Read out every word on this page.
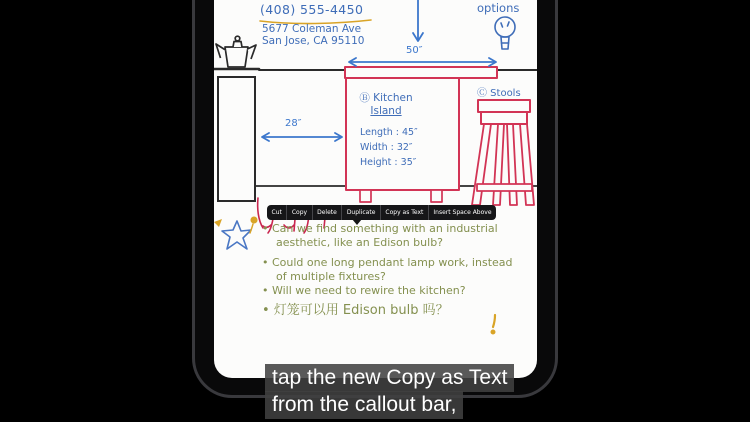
(408) 555-4450
5677 Coleman Ave
San Jose, CA 95110
options
50″
28″
Ⓑ Kitchen
Island
Length : 45″
Width : 32″
Height : 35″
Ⓒ Stools
• Can we find something with an industrial
aesthetic, like an Edison bulb?
• Could one long pendant lamp work, instead
of multiple fixtures?
• Will we need to rewire the kitchen?
• 灯笼可以用 Edison bulb 吗？
Cut	Copy	Delete	Duplicate	Copy as Text	Insert Space Above
tap the new Copy as Text
from the callout bar,
